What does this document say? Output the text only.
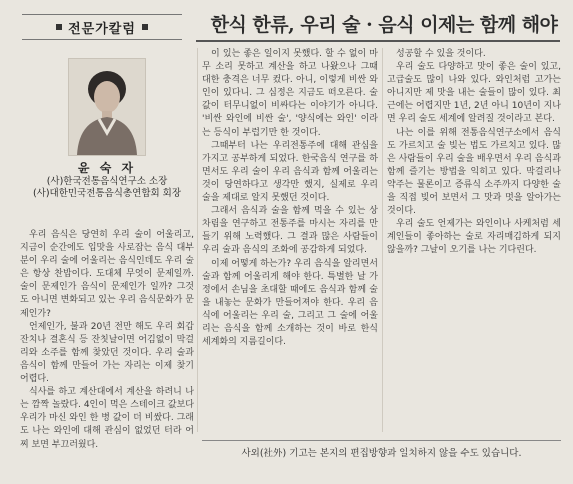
전문가칼럼	한식 한류, 우리 술 · 음식 이제는 함께 해야
윤 숙 자
(사)한국전통음식연구소 소장
(사)대한민국전통음식총연합회 회장

우리 음식은 당연히 우리 술이 어울리고, 지금이 순간에도 입맛을 사로잡는 음식 대부분이 우리 술에 어울리는 음식인데도 우리 술은 항상 찬밥이다. 도대체 무엇이 문제일까. 술이 문제인가 음식이 문제인가 일까? 그것도 아니면 변화되고 있는 우리 음식문화가 문제인가?

언제인가, 불과 20년 전만 해도 우리 회갑잔치나 결혼식 등 잔칫날이면 어김없이 막걸리와 소주를 함께 찾았던 것이다. 우리 술과 음식이 함께 만들어 가는 자리는 이제 찾기 어렵다.

식사를 하고 계산대에서 계산을 하려니 나는 깜짝 놀랐다. 4인이 먹은 스테이크 값보다 우리가 마신 와인 한 병 값이 더 비쌌다. 그래도 나는 와인에 대해 관심이 없었던 터라 어찌 보면 부끄러웠다.

이 있는 좋은 일이지 못했다. 할 수 없이 마무 소리 못하고 계산을 하고 나왔으나 그때 대한 충격은 너무 컸다. 아니, 이렇게 비싼 와인이 있다니. 그 심정은 지금도 떠오른다. 술값이 터무니없이 비싸다는 이야기가 아니다. '비싼 와인에 비싼 술', '양식에는 와인' 이라는 등식이 부럽기만 한 것이다.

그때부터 나는 우리전통주에 대해 관심을 가지고 공부하게 되었다. 한국음식 연구를 하면서도 우리 술이 우리 음식과 함께 어울리는 것이 당연하다고 생각만 했지, 실제로 우리 술을 제대로 알지 못했던 것이다.

그래서 음식과 술을 함께 먹을 수 있는 상차림을 연구하고 전통주를 마시는 자리를 만들기 위해 노력했다. 그 결과 많은 사람들이 우리 술과 음식의 조화에 공감하게 되었다.

이제 어떻게 하는가? 우리 음식을 알리면서 술과 함께 어울리게 해야 한다. 특별한 날 가정에서 손님을 초대할 때에도 음식과 함께 술을 내놓는 문화가 만들어져야 한다. 우리 음식에 어울리는 우리 술, 그리고 그 술에 어울리는 음식을 함께 소개하는 것이 바로 한식 세계화의 지름길이다.

성공할 수 있을 것이다.

우리 술도 다양하고 맛이 좋은 술이 있고, 고급술도 많이 나와 있다. 와인처럼 고가는 아니지만 제 맛을 내는 술들이 많이 있다. 최근에는 어렵지만 1년, 2년 아니 10년이 지나면 우리 술도 세계에 알려질 것이라고 본다.

나는 이를 위해 전통음식연구소에서 음식도 가르치고 술 빚는 법도 가르치고 있다. 많은 사람들이 우리 술을 배우면서 우리 음식과 함께 즐기는 방법을 익히고 있다. 막걸리나 약주는 물론이고 증류식 소주까지 다양한 술을 직접 빚어 보면서 그 맛과 멋을 알아가는 것이다.

우리 술도 언제가는 와인이나 사케처럼 세계인들이 좋아하는 술로 자리매김하게 되지 않을까? 그날이 오기를 나는 기다린다.

사외(社外) 기고는 본지의 편집방향과 일치하지 않을 수도 있습니다.
